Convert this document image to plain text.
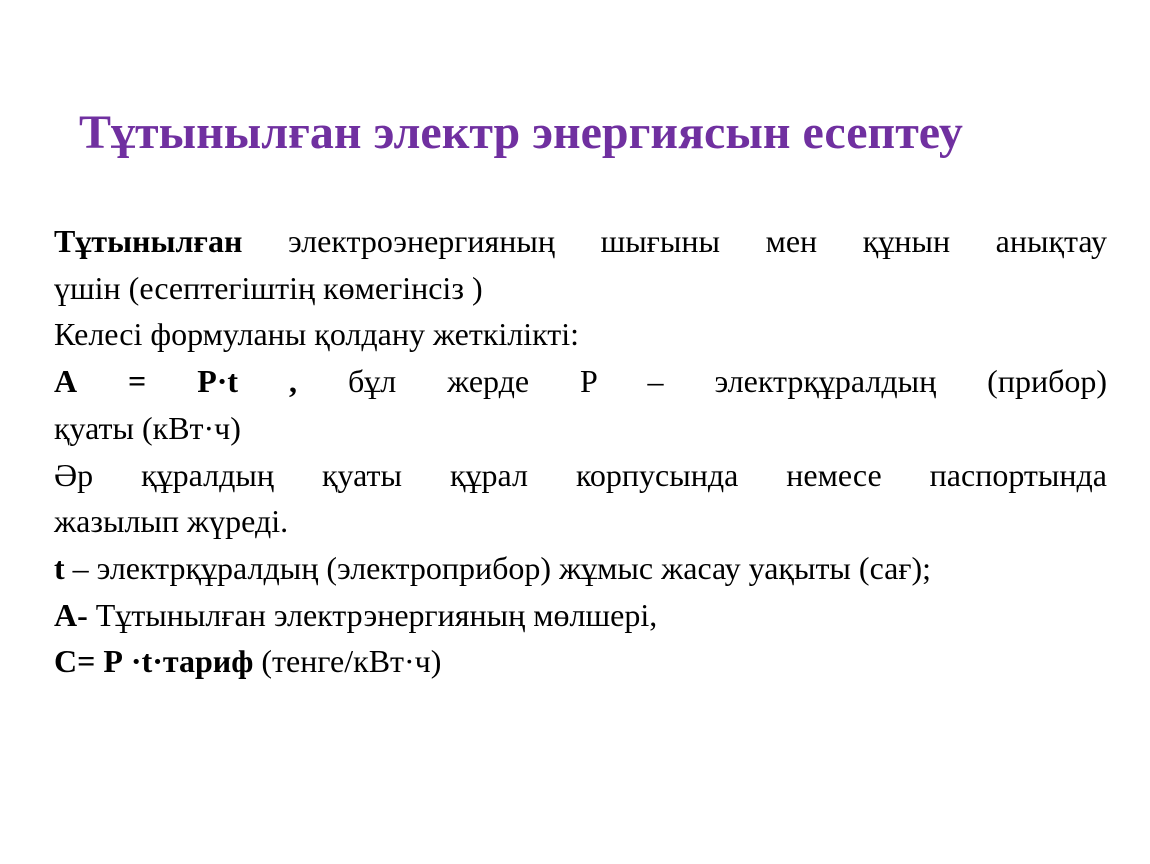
Тұтынылған электр энергиясын есептеу
Тұтынылған электроэнергияның шығыны мен құнын анықтау
үшін (есептегіштің көмегінсіз )
Келесі формуланы қолдану жеткілікті:
А = P·t , бұл жерде P – электрқұралдың (прибор)
қуаты (кВт·ч)
Әр құралдың қуаты құрал корпусында немесе паспортында
жазылып жүреді.
t – электрқұралдың (электроприбор) жұмыс жасау уақыты (сағ);
А- Тұтынылған электрэнергияның мөлшері,
С= Р ·t·тариф (тенге/кВт·ч)
